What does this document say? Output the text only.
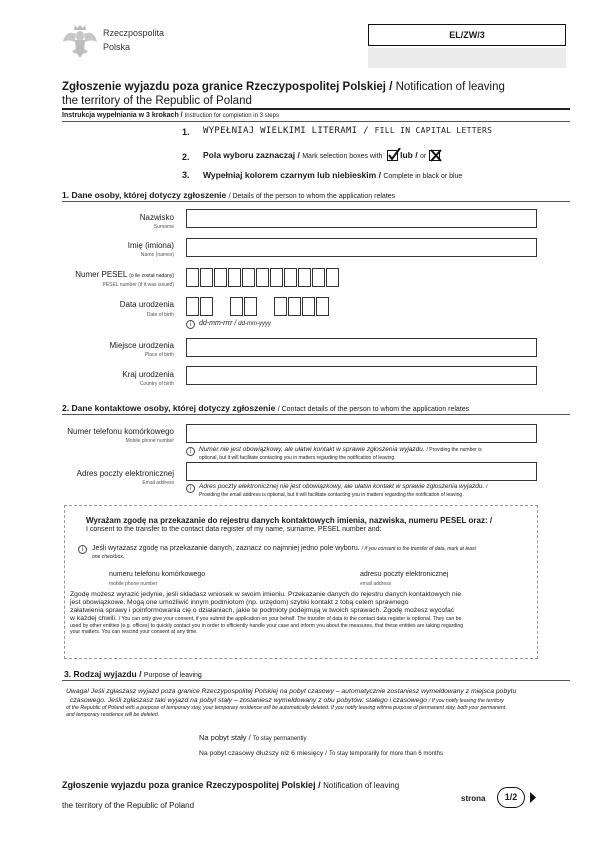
Rzeczpospolita
Polska
EL/ZW/3
Zgłoszenie wyjazdu poza granice Rzeczypospolitej Polskiej / Notification of leaving
the territory of the Republic of Poland
Instrukcja wypełniania w 3 krokach / Instruction for completion in 3 steps
1. WYPEŁNIAJ WIELKIMI LITERAMI / FILL IN CAPITAL LETTERS
2. Pola wyboru zaznaczaj / Mark selection boxes with lub / or
3. Wypełniaj kolorem czarnym lub niebieskim / Complete in black or blue
1. Dane osoby, której dotyczy zgłoszenie / Details of the person to whom the application relates
Nazwisko
Surname
Imię (imiona)
Name (names)
Numer PESEL (o ile został nadany)
PESEL number (if it was issued)
Data urodzenia
Date of birth
i	dd-mm-rrrr / dd-mm-yyyy
Miejsce urodzenia
Place of birth
Kraj urodzenia
Country of birth
2. Dane kontaktowe osoby, której dotyczy zgłoszenie / Contact details of the person to whom the application relates
Numer telefonu komórkowego
Mobile phone number
i	Numer nie jest obowiązkowy, ale ułatwi kontakt w sprawie zgłoszenia wyjazdu. / Providing the number is
optional, but it will facilitate contacting you in matters regarding the notification of leaving.
Adres poczty elektronicznej
Email address
i	Adres poczty elektronicznej nie jest obowiązkowy, ale ułatwi kontakt w sprawie zgłoszenia wyjazdu. /
Providing the email address is optional, but it will facilitate contacting you in matters regarding the notification of leaving.
Wyrażam zgodę na przekazanie do rejestru danych kontaktowych imienia, nazwiska, numeru PESEL oraz: /
I consent to the transfer to the contact data register of my name, surname, PESEL number and:
i	Jeśli wyrażasz zgodę na przekazanie danych, zaznacz co najmniej jedno pole wyboru. / If you consent to the transfer of data, mark at least
one checkbox.
numeru telefonu komórkowego
mobile phone number
adresu poczty elektronicznej
email address
Zgodę możesz wyrazić jedynie, jeśli składasz wniosek w swoim imieniu. Przekazanie danych do rejestru danych kontaktowych nie
jest obowiązkowe. Mogą one umożliwić innym podmiotom (np. urzędom) szybki kontakt z tobą celem sprawnego
załatwienia sprawy i poinformowania cię o działaniach, jakie te podmioty podejmują w twoich sprawach. Zgodę możesz wycofać
w każdej chwili. / You can only give your consent, if you submit the application on your behalf. The transfer of data to the contact data register is optional. They can be
used by other entities (e.g. offices) to quickly contact you in order to efficiently handle your case and inform you about the measures, that these entities are taking regarding
your matters. You can rescind your consent at any time.
3. Rodzaj wyjazdu / Purpose of leaving
Uwaga! Jeśli zgłaszasz wyjazd poza granice Rzeczypospolitej Polskiej na pobyt czasowy – automatycznie zostaniesz wymeldowany z miejsca pobytu
czasowego. Jeśli zgłaszasz taki wyjazd na pobyt stały – zostaniesz wymeldowany z obu pobytów: stałego i czasowego / If you notify leaving the territory
of the Republic of Poland with a purpose of temporary stay, your temporary residence will be automatically deleted. If you notify leaving withna purpose of permanent stay, both your permanent
and temporary residence will be deleted.
Na pobyt stały / To stay permanently
Na pobyt czasowy dłuższy niż 6 miesięcy / To stay temporarily for more than 6 months
Zgłoszenie wyjazdu poza granice Rzeczypospolitej Polskiej / Notification of leaving
the territory of the Republic of Poland
strona	1/2
